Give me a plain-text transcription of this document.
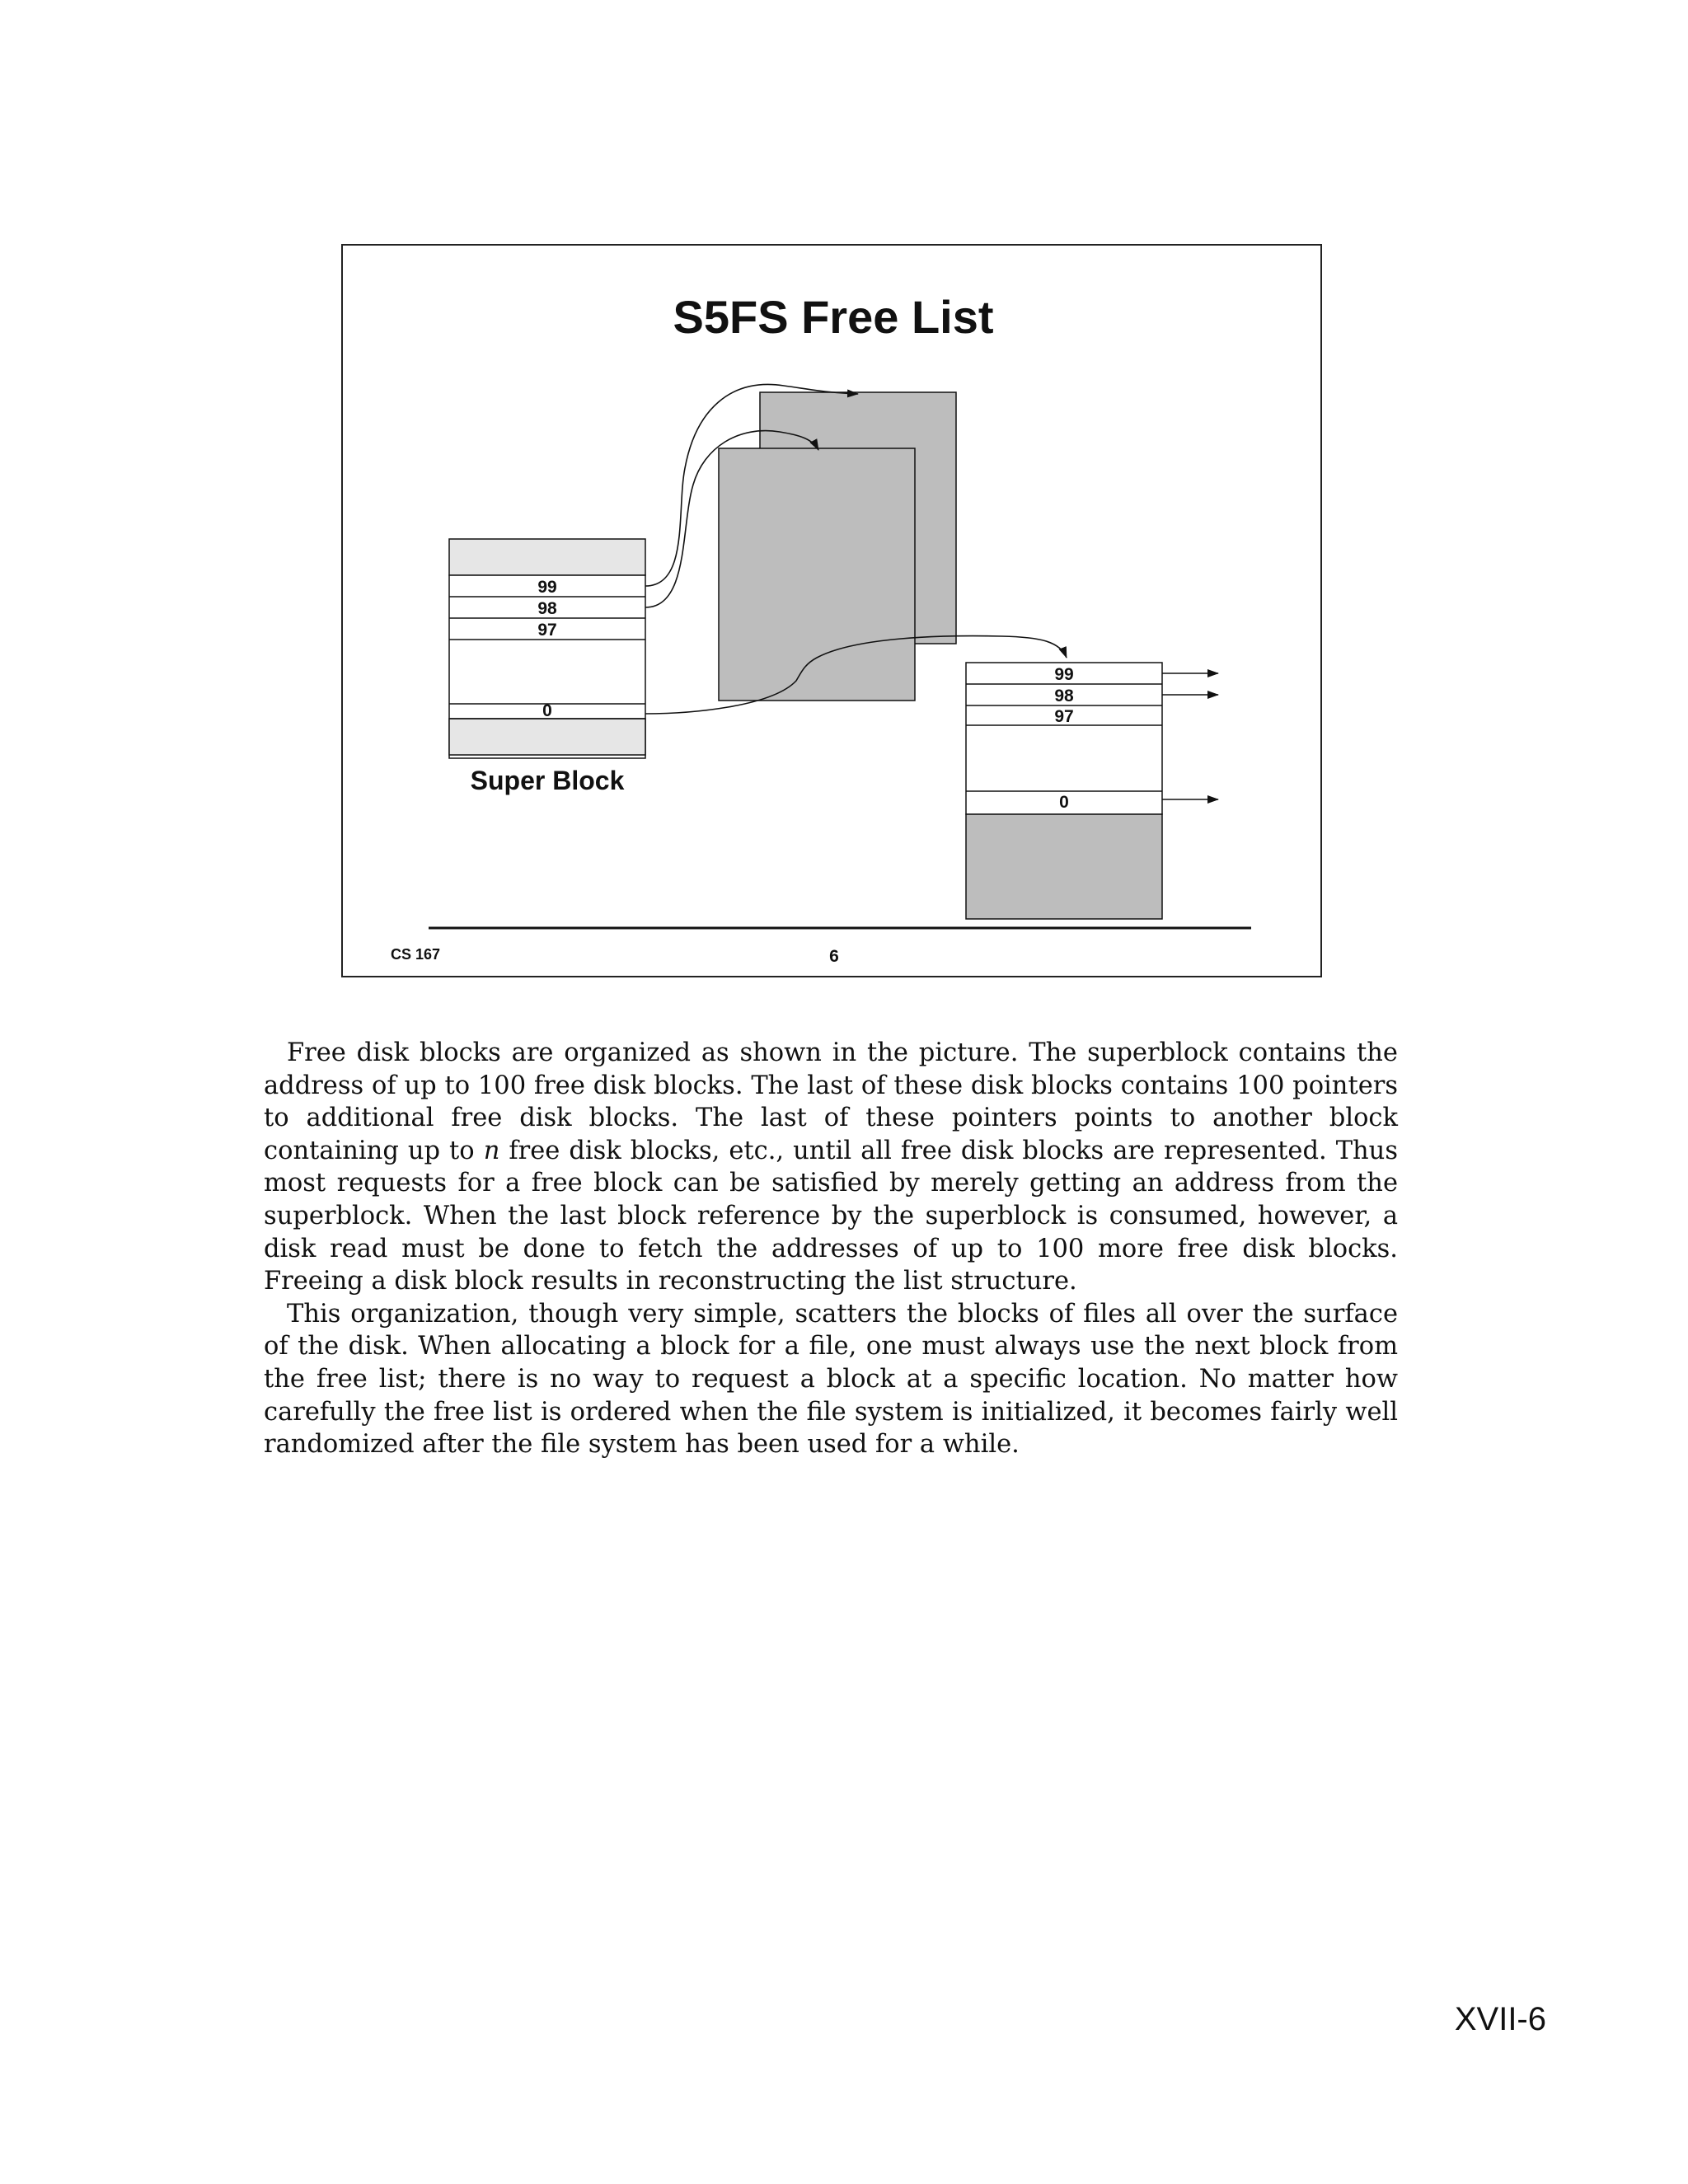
S5FS Free List
99
98
97
0
Super Block
99
98
97
0
CS 167	6

Free disk blocks are organized as shown in the picture. The superblock contains the address of up to 100 free disk blocks. The last of these disk blocks contains 100 pointers to additional free disk blocks. The last of these pointers points to another block containing up to n free disk blocks, etc., until all free disk blocks are represented. Thus most requests for a free block can be satisfied by merely getting an address from the superblock. When the last block reference by the superblock is consumed, however, a disk read must be done to fetch the addresses of up to 100 more free disk blocks. Freeing a disk block results in reconstructing the list structure.

This organization, though very simple, scatters the blocks of files all over the surface of the disk. When allocating a block for a file, one must always use the next block from the free list; there is no way to request a block at a specific location. No matter how carefully the free list is ordered when the file system is initialized, it becomes fairly well randomized after the file system has been used for a while.

XVII-6
